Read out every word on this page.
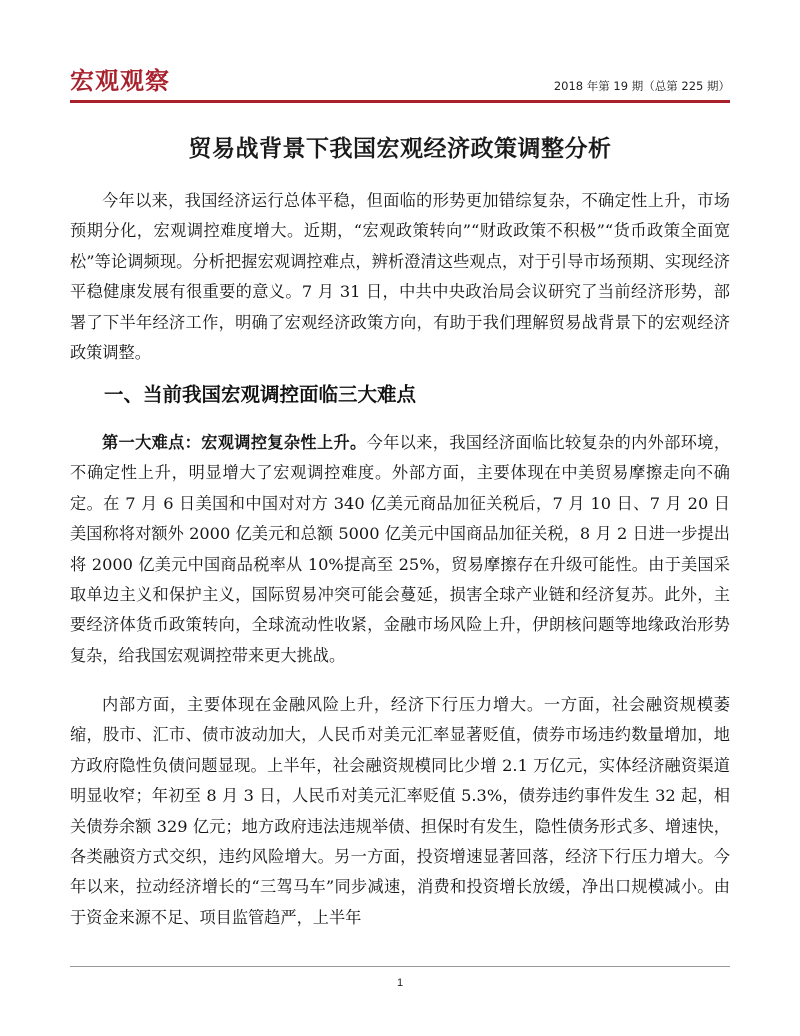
宏观观察	2018 年第 19 期（总第 225 期）
贸易战背景下我国宏观经济政策调整分析

今年以来，我国经济运行总体平稳，但面临的形势更加错综复杂，不确定性上升，市场预期分化，宏观调控难度增大。近期，“宏观政策转向”“财政政策不积极”“货币政策全面宽松”等论调频现。分析把握宏观调控难点，辨析澄清这些观点，对于引导市场预期、实现经济平稳健康发展有很重要的意义。7 月 31 日，中共中央政治局会议研究了当前经济形势，部署了下半年经济工作，明确了宏观经济政策方向，有助于我们理解贸易战背景下的宏观经济政策调整。

一、当前我国宏观调控面临三大难点

第一大难点：宏观调控复杂性上升。今年以来，我国经济面临比较复杂的内外部环境，不确定性上升，明显增大了宏观调控难度。外部方面，主要体现在中美贸易摩擦走向不确定。在 7 月 6 日美国和中国对对方 340 亿美元商品加征关税后，7 月 10 日、7 月 20 日美国称将对额外 2000 亿美元和总额 5000 亿美元中国商品加征关税，8 月 2 日进一步提出将 2000 亿美元中国商品税率从 10%提高至 25%，贸易摩擦存在升级可能性。由于美国采取单边主义和保护主义，国际贸易冲突可能会蔓延，损害全球产业链和经济复苏。此外，主要经济体货币政策转向，全球流动性收紧，金融市场风险上升，伊朗核问题等地缘政治形势复杂，给我国宏观调控带来更大挑战。

内部方面，主要体现在金融风险上升，经济下行压力增大。一方面，社会融资规模萎缩，股市、汇市、债市波动加大，人民币对美元汇率显著贬值，债券市场违约数量增加，地方政府隐性负债问题显现。上半年，社会融资规模同比少增 2.1 万亿元，实体经济融资渠道明显收窄；年初至 8 月 3 日，人民币对美元汇率贬值 5.3%，债券违约事件发生 32 起，相关债券余额 329 亿元；地方政府违法违规举债、担保时有发生，隐性债务形式多、增速快，各类融资方式交织，违约风险增大。另一方面，投资增速显著回落，经济下行压力增大。今年以来，拉动经济增长的“三驾马车”同步减速，消费和投资增长放缓，净出口规模减小。由于资金来源不足、项目监管趋严，上半年

1
